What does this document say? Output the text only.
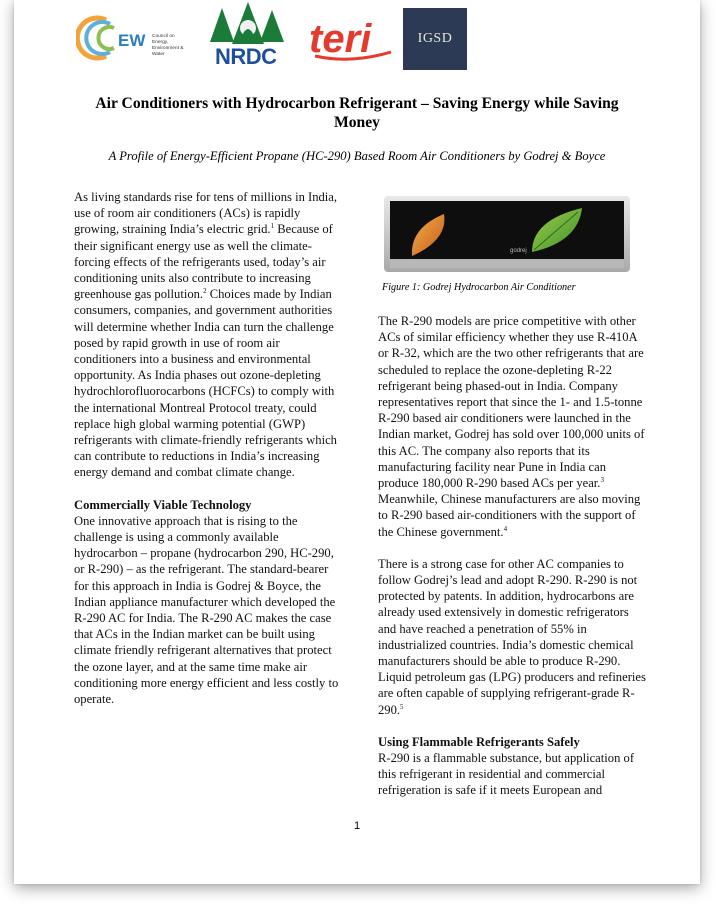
EW Council on Energy, Environment & Water	NRDC teri	IGSD
Air Conditioners with Hydrocarbon Refrigerant – Saving Energy while Saving Money
A Profile of Energy-Efficient Propane (HC-290) Based Room Air Conditioners by Godrej & Boyce

As living standards rise for tens of millions in India, use of room air conditioners (ACs) is rapidly growing, straining India’s electric grid.$^1$ Because of their significant energy use as well the climate-forcing effects of the refrigerants used, today’s air conditioning units also contribute to increasing greenhouse gas pollution.$^2$ Choices made by Indian consumers, companies, and government authorities will determine whether India can turn the challenge posed by rapid growth in use of room air conditioners into a business and environmental opportunity. As India phases out ozone-depleting hydrochlorofluorocarbons (HCFCs) to comply with the international Montreal Protocol treaty, could replace high global warming potential (GWP) refrigerants with climate-friendly refrigerants which can contribute to reductions in India’s increasing energy demand and combat climate change.

Commercially Viable Technology

One innovative approach that is rising to the challenge is using a commonly available hydrocarbon – propane (hydrocarbon 290, HC-290, or R-290) – as the refrigerant. The standard-bearer for this approach in India is Godrej & Boyce, the Indian appliance manufacturer which developed the R-290 AC for India. The R-290 AC makes the case that ACs in the Indian market can be built using climate friendly refrigerant alternatives that protect the ozone layer, and at the same time make air conditioning more energy efficient and less costly to operate.

godrej
Figure 1: Godrej Hydrocarbon Air Conditioner

The R-290 models are price competitive with other ACs of similar efficiency whether they use R-410A or R-32, which are the two other refrigerants that are scheduled to replace the ozone-depleting R-22 refrigerant being phased-out in India. Company representatives report that since the 1- and 1.5-tonne R-290 based air conditioners were launched in the Indian market, Godrej has sold over 100,000 units of this AC. The company also reports that its manufacturing facility near Pune in India can produce 180,000 R-290 based ACs per year.$^3$ Meanwhile, Chinese manufacturers are also moving to R-290 based air-conditioners with the support of the Chinese government.$^4$

There is a strong case for other AC companies to follow Godrej’s lead and adopt R-290. R-290 is not protected by patents. In addition, hydrocarbons are already used extensively in domestic refrigerators and have reached a penetration of 55% in industrialized countries. India’s domestic chemical manufacturers should be able to produce R-290. Liquid petroleum gas (LPG) producers and refineries are often capable of supplying refrigerant-grade R-290.$^5$

Using Flammable Refrigerants Safely

R-290 is a flammable substance, but application of this refrigerant in residential and commercial refrigeration is safe if it meets European and

1
